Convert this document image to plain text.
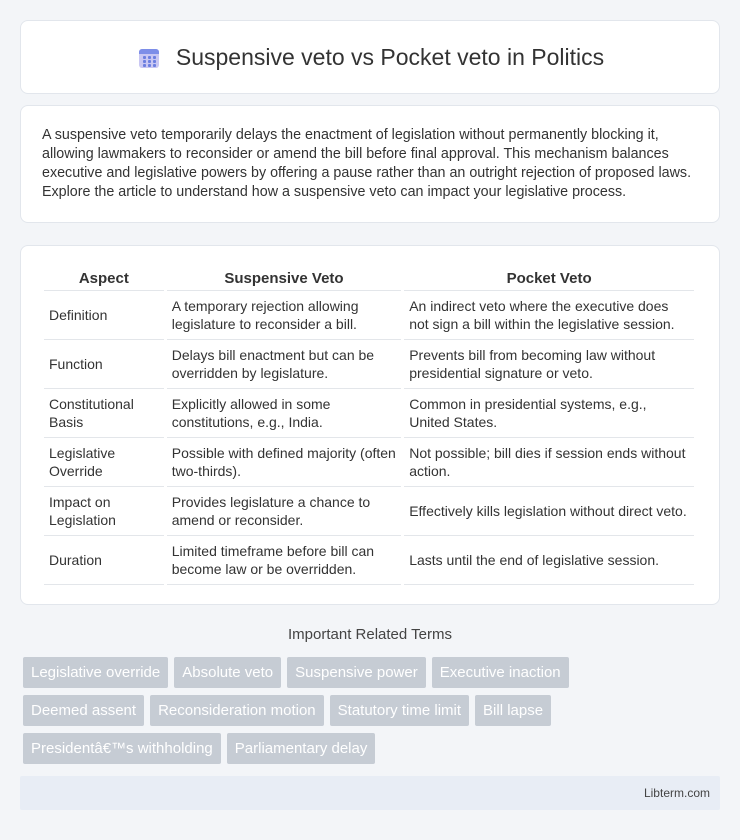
Suspensive veto vs Pocket veto in Politics

A suspensive veto temporarily delays the enactment of legislation without permanently blocking it, allowing lawmakers to reconsider or amend the bill before final approval. This mechanism balances executive and legislative powers by offering a pause rather than an outright rejection of proposed laws. Explore the article to understand how a suspensive veto can impact your legislative process.

Aspect	Suspensive Veto	Pocket Veto
Definition	A temporary rejection allowing legislature to reconsider a bill.	An indirect veto where the executive does not sign a bill within the legislative session.
Function	Delays bill enactment but can be overridden by legislature.	Prevents bill from becoming law without presidential signature or veto.
Constitutional Basis	Explicitly allowed in some constitutions, e.g., India.	Common in presidential systems, e.g., United States.
Legislative Override	Possible with defined majority (often two-thirds).	Not possible; bill dies if session ends without action.
Impact on Legislation	Provides legislature a chance to amend or reconsider.	Effectively kills legislation without direct veto.
Duration	Limited timeframe before bill can become law or be overridden.	Lasts until the end of legislative session.
Important Related Terms
Legislative override	Absolute veto	Suspensive power	Executive inaction
Deemed assent	Reconsideration motion	Statutory time limit	Bill lapse
Presidentâ€™s withholding	Parliamentary delay
Libterm.com
